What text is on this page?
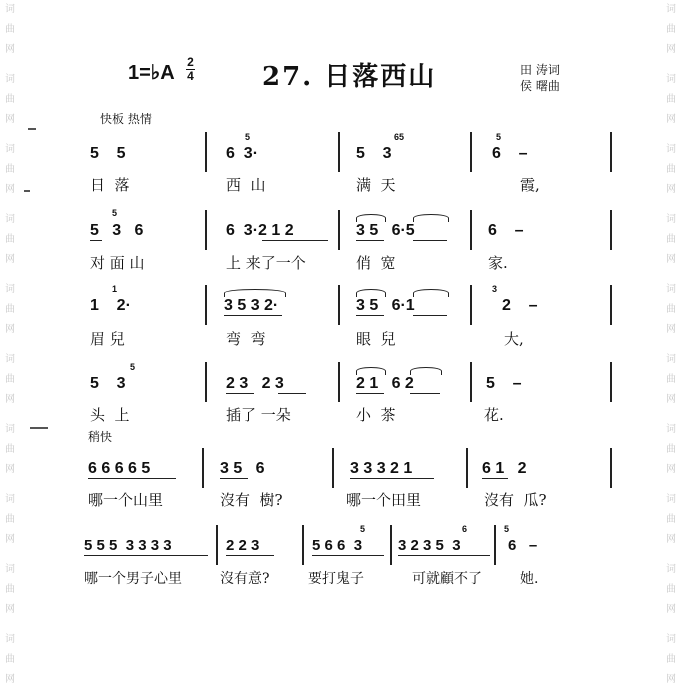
词
曲
网
词
曲
网
词
曲
网
词
曲
网
词
曲
网
词
曲
网
词
曲
网
词
曲
网
词
曲
网
词
曲
网
词
曲
网
词
曲
网
词
曲
网
词
曲
网
词
曲
网
词
曲
网
词
曲
网
词
曲
网
词
曲
网
词
曲
网
1=♭A 2
4	27. 日落西山	田 涛词
侯 曙曲
快板 热情
稍快
5    5	6  3·
5
5    3
65
6    –
5
日  落	西  山	满  天	霞,
5   3   6
5
6  3·2 1 2	3 5   6·5	6    –
对 面 山	上 来了一个	俏  宽	家.
1    2·
1
3 5 3 2·	3 5   6·1	2    –
3
眉 兒	弯  弯	眼  兒	大,
5    3
5
2 3   2 3	2 1   6 2	5    –
头  上	插了 一朵	小  茶	花.
6 6 6 6 5	3 5   6	3 3 3 2 1	6 1   2
哪一个山里	沒有  樹?	哪一个田里	沒有  瓜?
5 5 5  3 3 3 3	2 2 3	5 6 6  3
5
3 2 3 5  3
6
6   –
5
哪一个男子心里	沒有意?	要打鬼子	可就顧不了	她.
